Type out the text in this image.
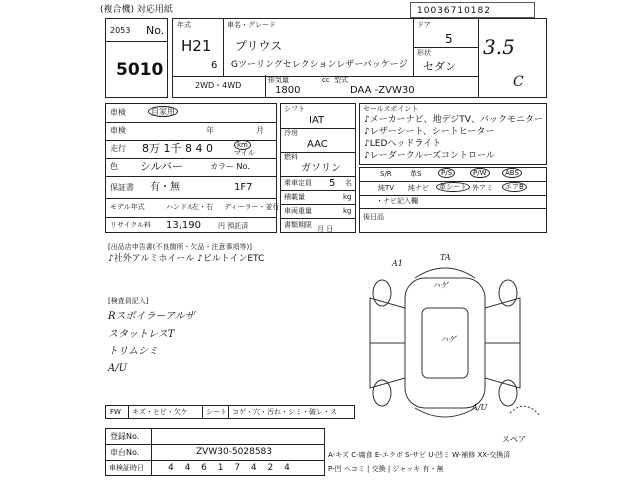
(複合機) 対応用紙	10036710182
2053 No.
5010
年式
H21
6
車名・グレード
プリウス
Gツーリングセレクションレザーパッケージ
ドア
5
形状
セダン
3.5
C
2WD・4WD
排気量
1800
cc 型式
DAA -ZVW30
車検	自家用
車検	年	月
走行 8万 1千 8 4 0	km
マイル
色 シルバー	カラー No.
保証書 有・無	1F7
モデル年式	ハンドル
左・右 ディーラー・並行
リサイクル料 13,190 円 預託済
シフト
IAT
冷房
AAC
燃料
ガソリン
乗車定員 5 名
積載量	kg
車両重量	kg
書類期限 月 日
セールスポイント
♪メーカーナビ、地デジTV、バックモニター
♪レザーシート、シートヒーター
♪LEDヘッドライト
♪レーダークルーズコントロール
S/R	革S	P/S	P/W	ABS
純TV 純ナビ	革シート 外アミ	エアB
・ナビ記入欄
後日品
[出品店申告書(不良箇所・欠品・注意事項等)]
♪社外アルミホイール ♪ビルトインETC
[検査員記入]
Rスポイラーアルザ
スタットレスT
トリムシミ
A/U
A1
TA
ハゲ
ハゲ
A/U
スペア
FW キズ・ヒビ・欠ケ	シート コゲ・穴・汚れ・シミ・破レ・ス
登録No.
車台No.	ZVW30-5028583
車検証時日	4 4 6 1 7 4 2 4
A-キズ C-腐食 E-エクボ S-サビ U-凹ミ W-補修 XX-交換済
P-凹 ヘコミ | 交換 | ジャッキ 有・無
